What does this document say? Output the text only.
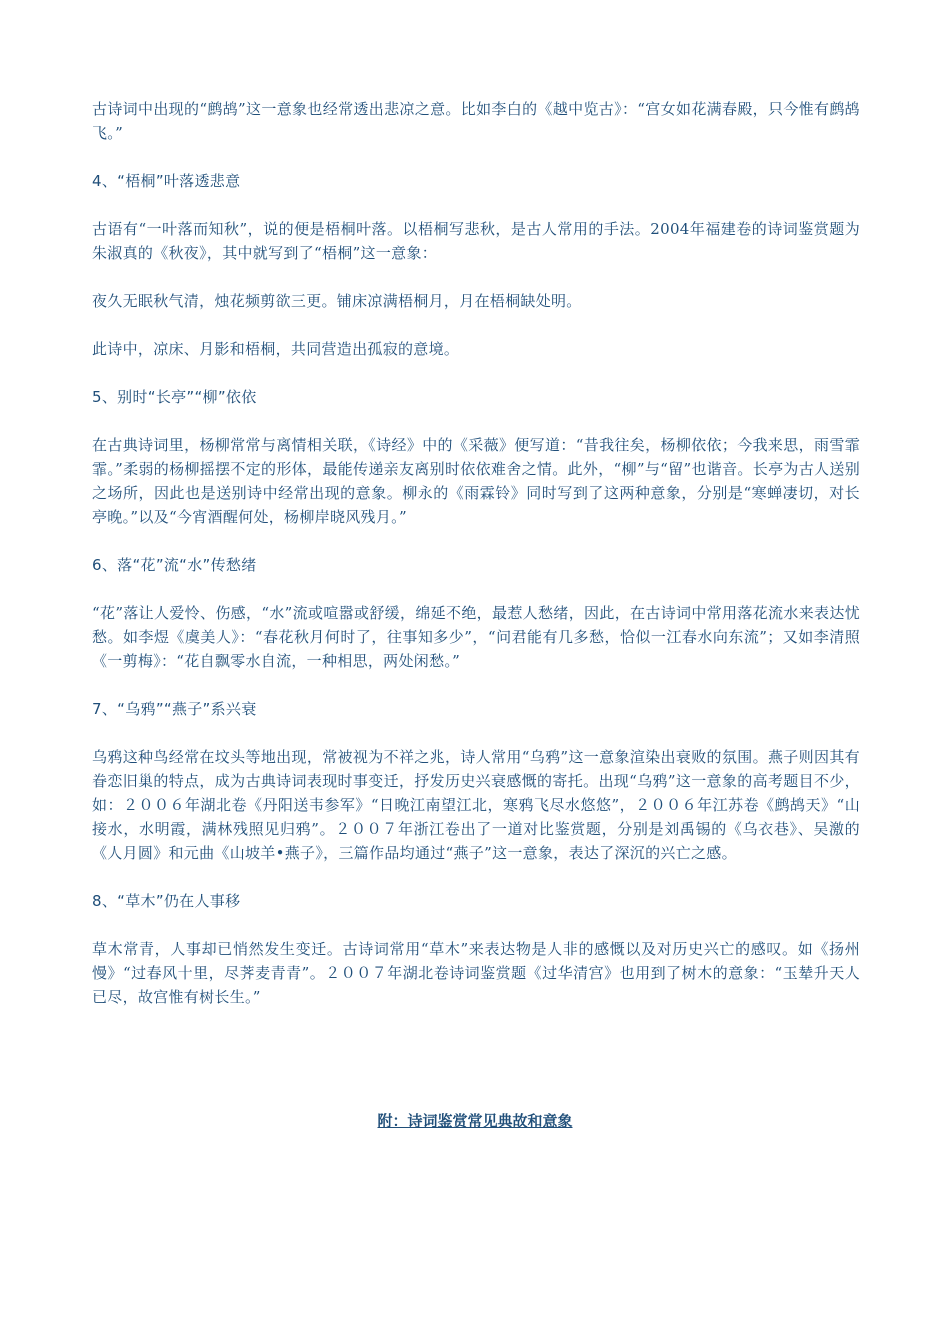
古诗词中出现的“鹧鸪”这一意象也经常透出悲凉之意。比如李白的《越中览古》：“宫女如花满春殿，只今惟有鹧鸪飞。”

4、“梧桐”叶落透悲意

古语有“一叶落而知秋”，说的便是梧桐叶落。以梧桐写悲秋，是古人常用的手法。2004年福建卷的诗词鉴赏题为朱淑真的《秋夜》，其中就写到了“梧桐”这一意象：

夜久无眠秋气清，烛花频剪欲三更。铺床凉满梧桐月，月在梧桐缺处明。

此诗中，凉床、月影和梧桐，共同营造出孤寂的意境。

5、别时“长亭”“柳”依依

在古典诗词里，杨柳常常与离情相关联，《诗经》中的《采薇》便写道：“昔我往矣，杨柳依依；今我来思，雨雪霏霏。”柔弱的杨柳摇摆不定的形体，最能传递亲友离别时依依难舍之情。此外，“柳”与“留”也谐音。长亭为古人送别之场所，因此也是送别诗中经常出现的意象。柳永的《雨霖铃》同时写到了这两种意象，分别是“寒蝉凄切，对长亭晚。”以及“今宵酒醒何处，杨柳岸晓风残月。”

6、落“花”流“水”传愁绪

“花”落让人爱怜、伤感，“水”流或喧嚣或舒缓，绵延不绝，最惹人愁绪，因此，在古诗词中常用落花流水来表达忧愁。如李煜《虞美人》：“春花秋月何时了，往事知多少”，“问君能有几多愁，恰似一江春水向东流”；又如李清照《一剪梅》：“花自飘零水自流，一种相思，两处闲愁。”

7、“乌鸦”“燕子”系兴衰

乌鸦这种鸟经常在坟头等地出现，常被视为不祥之兆，诗人常用“乌鸦”这一意象渲染出衰败的氛围。燕子则因其有眷恋旧巢的特点，成为古典诗词表现时事变迁，抒发历史兴衰感慨的寄托。出现“乌鸦”这一意象的高考题目不少，如：２００６年湖北卷《丹阳送韦参军》“日晚江南望江北，寒鸦飞尽水悠悠”，２００６年江苏卷《鹧鸪天》“山接水，水明霞，满林残照见归鸦”。２００７年浙江卷出了一道对比鉴赏题，分别是刘禹锡的《乌衣巷》、吴激的《人月圆》和元曲《山坡羊•燕子》，三篇作品均通过“燕子”这一意象，表达了深沉的兴亡之感。

8、“草木”仍在人事移

草木常青，人事却已悄然发生变迁。古诗词常用“草木”来表达物是人非的感慨以及对历史兴亡的感叹。如《扬州慢》“过春风十里，尽荠麦青青”。２００７年湖北卷诗词鉴赏题《过华清宫》也用到了树木的意象：“玉辇升天人已尽，故宫惟有树长生。”

附：诗词鉴赏常见典故和意象
